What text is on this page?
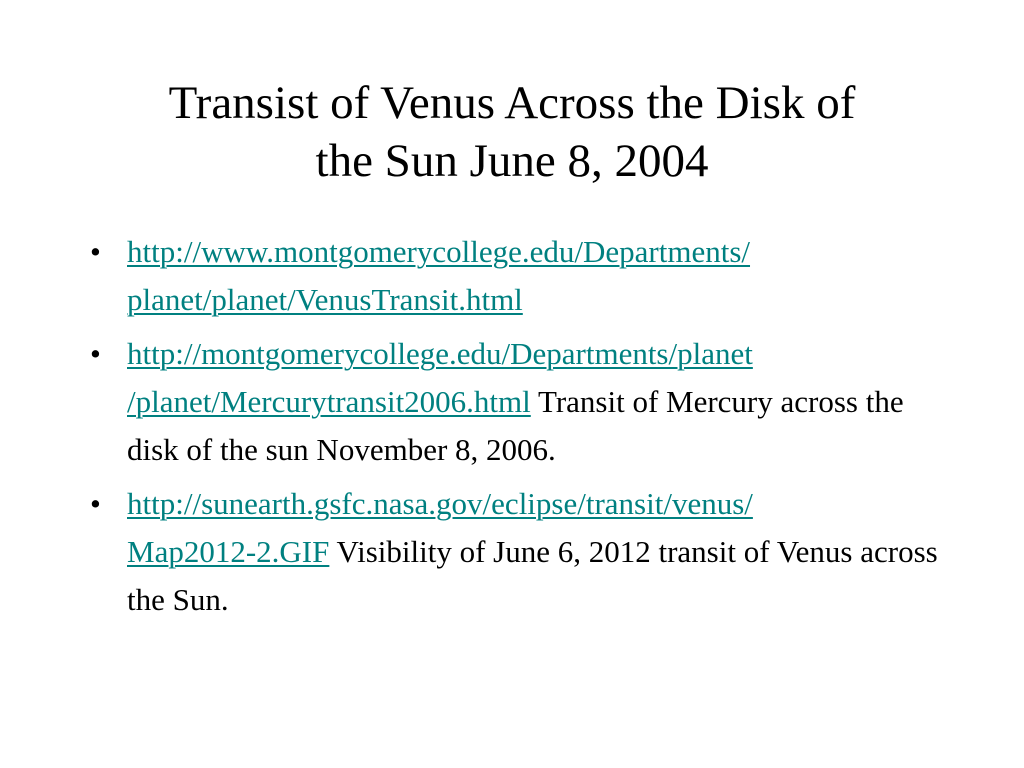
Transist of Venus Across the Disk of
the Sun June 8, 2004
• http://www.montgomerycollege.edu/Departments/
planet/planet/VenusTransit.html
• http://montgomerycollege.edu/Departments/planet
/planet/Mercurytransit2006.html Transit of Mercury across the disk of the sun November 8, 2006.
• http://sunearth.gsfc.nasa.gov/eclipse/transit/venus/
Map2012-2.GIF Visibility of June 6, 2012 transit of Venus across the Sun.
